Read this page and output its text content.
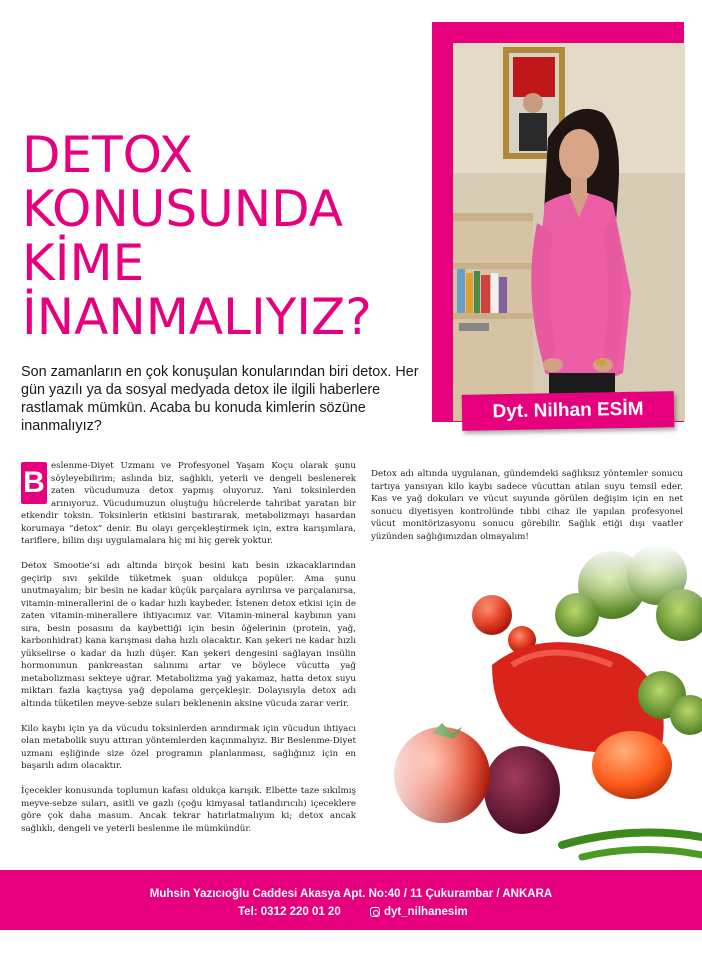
Dyt. Nilhan ESİM
DETOX
KONUSUNDA
KİME
İNANMALIYIZ?
Son zamanların en çok konuşulan konularından biri detox. Her gün yazılı ya da sosyal medyada detox ile ilgili haberlere rastlamak mümkün. Acaba bu konuda kimlerin sözüne inanmalıyız?

B eslenme-Diyet Uzmanı ve Profesyonel Yaşam Koçu olarak şunu söyleyebilirim; aslında biz, sağlıklı, yeterli ve dengeli beslenerek zaten vücudumuza detox yapmış oluyoruz. Yani toksinlerden arınıyoruz. Vücudumuzun oluştuğu hücrelerde tahribat yaratan bir etkendir toksin. Toksinlerin etkisini bastırarak, metabolizmayı hasardan korumaya “detox” denir. Bu olayı gerçekleştirmek için, extra karışımlara, tariflere, bilim dışı uygulamalara hiç mi hiç gerek yoktur.

Detox Smootie’si adı altında birçok besini katı besin ızkacaklarından geçirip sıvı şekilde tüketmek şuan oldukça popüler. Ama şunu unutmayalım; bir besin ne kadar küçük parçalara ayrılırsa ve parçalanırsa, vitamin-minerallerini de o kadar hızlı kaybeder. İstenen detox etkisi için de zaten vitamin-minerallere ihtiyacımız var. Vitamin-mineral kaybının yanı sıra, besin posasını da kaybettiği için besin öğelerinin (protein, yağ, karbonhidrat) kana karışması daha hızlı olacaktır. Kan şekeri ne kadar hızlı yükselirse o kadar da hızlı düşer. Kan şekeri dengesini sağlayan insülin hormonunun pankreastan salınımı artar ve böylece vücutta yağ metabolizması sekteye uğrar. Metabolizma yağ yakamaz, hatta detox suyu miktarı fazla kaçtıysa yağ depolama gerçekleşir. Dolayısıyla detox adı altında tüketilen meyve-sebze suları beklenenin aksine vücuda zarar verir.

Kilo kaybı için ya da vücudu toksinlerden arındırmak için vücudun ihtiyacı olan metabolik suyu attıran yöntemlerden kaçınmalıyız. Bir Beslenme-Diyet uzmanı eşliğinde size özel programın planlanması, sağlığınız için en başarılı adım olacaktır.

İçecekler konusunda toplumun kafası oldukça karışık. Elbette taze sıkılmış meyve-sebze suları, asitli ve gazlı (çoğu kimyasal tatlandırıcılı) içeceklere göre çok daha masum. Ancak tekrar hatırlatmalıyım ki; detox ancak sağlıklı, dengeli ve yeterli beslenme ile mümkündür.

Detox adı altında uygulanan, gündemdeki sağlıksız yöntemler sonucu tartıya yansıyan kilo kaybı sadece vücuttan atılan suyu temsil eder. Kas ve yağ dokuları ve vücut suyunda görülen değişim için en net sonucu diyetisyen kontrolünde tıbbi cihaz ile yapılan profesyonel vücut monitörizasyonu sonucu görebilir. Sağlık etiği dışı vaatler yüzünden sağlığımızdan olmayalım!

Muhsin Yazıcıoğlu Caddesi Akasya Apt. No:40 / 11 Çukurambar / ANKARA
Tel: 0312 220 01 20	dyt_nilhanesim
